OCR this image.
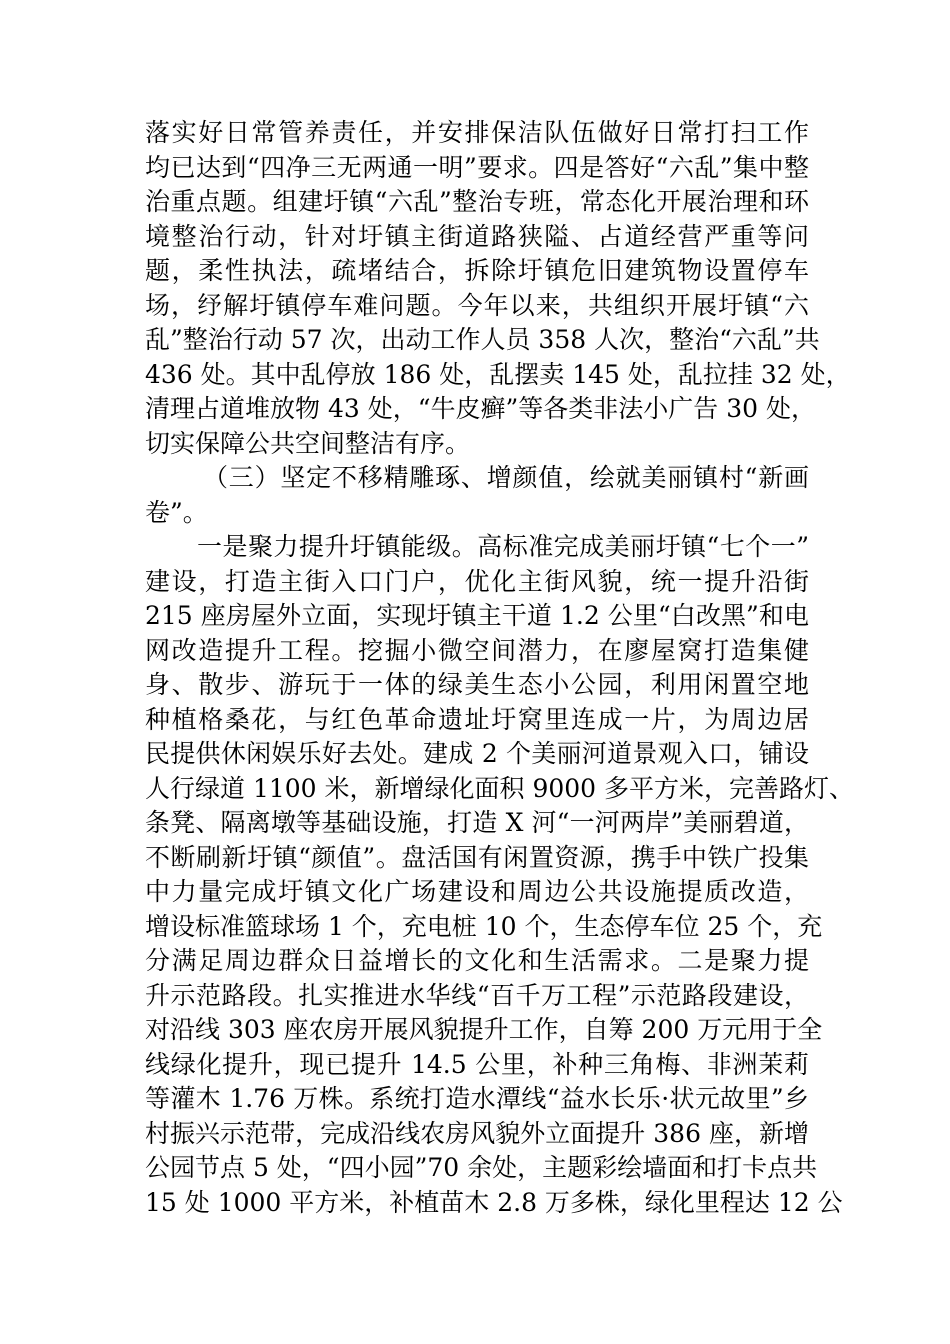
落实好日常管养责任，并安排保洁队伍做好日常打扫工作
均已达到“四净三无两通一明”要求。四是答好“六乱”集中整
治重点题。组建圩镇“六乱”整治专班，常态化开展治理和环
境整治行动，针对圩镇主街道路狭隘、占道经营严重等问
题，柔性执法，疏堵结合，拆除圩镇危旧建筑物设置停车
场，纾解圩镇停车难问题。今年以来，共组织开展圩镇“六
乱”整治行动 57 次，出动工作人员 358 人次，整治“六乱”共
436 处。其中乱停放 186 处，乱摆卖 145 处，乱拉挂 32 处，
清理占道堆放物 43 处，“牛皮癣”等各类非法小广告 30 处，
切实保障公共空间整洁有序。
（三）坚定不移精雕琢、增颜值，绘就美丽镇村“新画
卷”。
一是聚力提升圩镇能级。高标准完成美丽圩镇“七个一”
建设，打造主街入口门户，优化主街风貌，统一提升沿街
215 座房屋外立面，实现圩镇主干道 1.2 公里“白改黑”和电
网改造提升工程。挖掘小微空间潜力，在廖屋窝打造集健
身、散步、游玩于一体的绿美生态小公园，利用闲置空地
种植格桑花，与红色革命遗址圩窝里连成一片，为周边居
民提供休闲娱乐好去处。建成 2 个美丽河道景观入口，铺设
人行绿道 1100 米，新增绿化面积 9000 多平方米，完善路灯、
条凳、隔离墩等基础设施，打造 X 河“一河两岸”美丽碧道，
不断刷新圩镇“颜值”。盘活国有闲置资源，携手中铁广投集
中力量完成圩镇文化广场建设和周边公共设施提质改造，
增设标准篮球场 1 个，充电桩 10 个，生态停车位 25 个，充
分满足周边群众日益增长的文化和生活需求。二是聚力提
升示范路段。扎实推进水华线“百千万工程”示范路段建设，
对沿线 303 座农房开展风貌提升工作，自筹 200 万元用于全
线绿化提升，现已提升 14.5 公里，补种三角梅、非洲茉莉
等灌木 1.76 万株。系统打造水潭线“益水长乐·状元故里”乡
村振兴示范带，完成沿线农房风貌外立面提升 386 座，新增
公园节点 5 处，“四小园”70 余处，主题彩绘墙面和打卡点共
15 处 1000 平方米，补植苗木 2.8 万多株，绿化里程达 12 公
